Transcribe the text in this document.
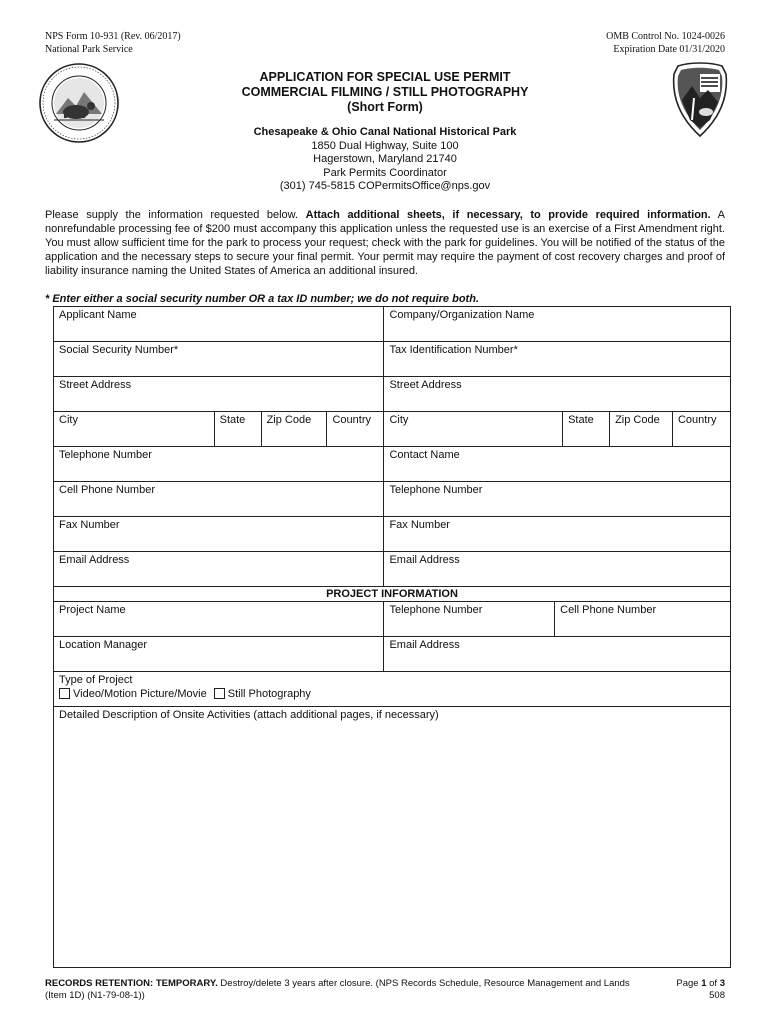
NPS Form 10-931 (Rev. 06/2017)
National Park Service
OMB Control No. 1024-0026
Expiration Date 01/31/2020
APPLICATION FOR SPECIAL USE PERMIT
COMMERCIAL FILMING / STILL PHOTOGRAPHY
(Short Form)
Chesapeake & Ohio Canal National Historical Park
1850 Dual Highway, Suite 100
Hagerstown, Maryland 21740
Park Permits Coordinator
(301) 745-5815 COPermitsOffice@nps.gov
Please supply the information requested below. Attach additional sheets, if necessary, to provide required information. A nonrefundable processing fee of $200 must accompany this application unless the requested use is an exercise of a First Amendment right. You must allow sufficient time for the park to process your request; check with the park for guidelines. You will be notified of the status of the application and the necessary steps to secure your final permit. Your permit may require the payment of cost recovery charges and proof of liability insurance naming the United States of America an additional insured.
* Enter either a social security number OR a tax ID number; we do not require both.
Applicant Name				Company/Organization Name				
Social Security Number*				Tax Identification Number*				
Street Address				Street Address				
City	State	Zip Code	Country	City		State	Zip Code	Country
Telephone Number				Contact Name				
Cell Phone Number				Telephone Number				
Fax Number				Fax Number				
Email Address				Email Address				
PROJECT INFORMATION								
Project Name				Telephone Number	Cell Phone Number			
Location Manager				Email Address				

Type of Project
Video/Motion Picture/Movie Still Photography								

Detailed Description of Onsite Activities (attach additional pages, if necessary)								
RECORDS RETENTION: TEMPORARY. Destroy/delete 3 years after closure. (NPS Records Schedule, Resource Management and Lands (Item 1D) (N1-79-08-1))
Page 1 of 3
508
